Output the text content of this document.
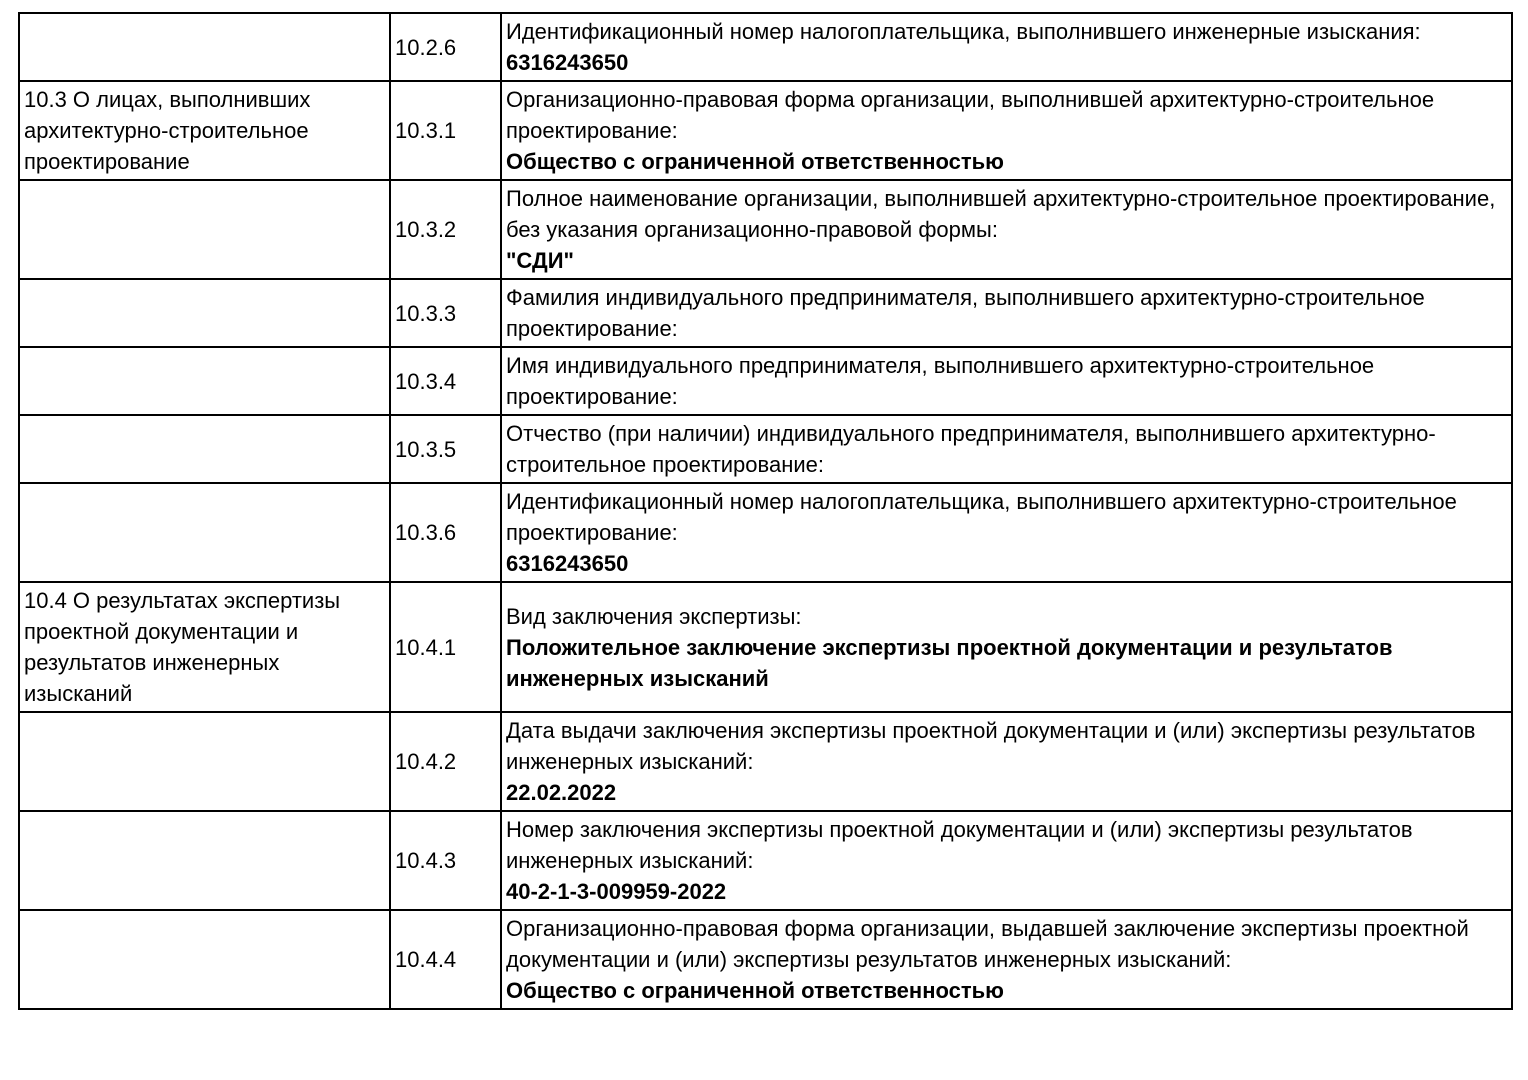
	10.2.6	Идентификационный номер налогоплательщика, выполнившего инженерные изыскания:
6316243650

10.3 О лицах, выполнивших архитектурно-строительное проектирование	10.3.1	Организационно-правовая форма организации, выполнившей архитектурно-строительное проектирование:
Общество с ограниченной ответственностью

	10.3.2	Полное наименование организации, выполнившей архитектурно-строительное проектирование, без указания организационно-правовой формы:
"СДИ"

	10.3.3	Фамилия индивидуального предпринимателя, выполнившего архитектурно-строительное проектирование:

	10.3.4	Имя индивидуального предпринимателя, выполнившего архитектурно-строительное проектирование:

	10.3.5	Отчество (при наличии) индивидуального предпринимателя, выполнившего архитектурно-строительное проектирование:

	10.3.6	Идентификационный номер налогоплательщика, выполнившего архитектурно-строительное проектирование:
6316243650

10.4 О результатах экспертизы проектной документации и результатов инженерных изысканий	10.4.1	Вид заключения экспертизы:
Положительное заключение экспертизы проектной документации и результатов инженерных изысканий

	10.4.2	Дата выдачи заключения экспертизы проектной документации и (или) экспертизы результатов инженерных изысканий:
22.02.2022

	10.4.3	Номер заключения экспертизы проектной документации и (или) экспертизы результатов инженерных изысканий:
40-2-1-3-009959-2022

	10.4.4	Организационно-правовая форма организации, выдавшей заключение экспертизы проектной документации и (или) экспертизы результатов инженерных изысканий:
Общество с ограниченной ответственностью
